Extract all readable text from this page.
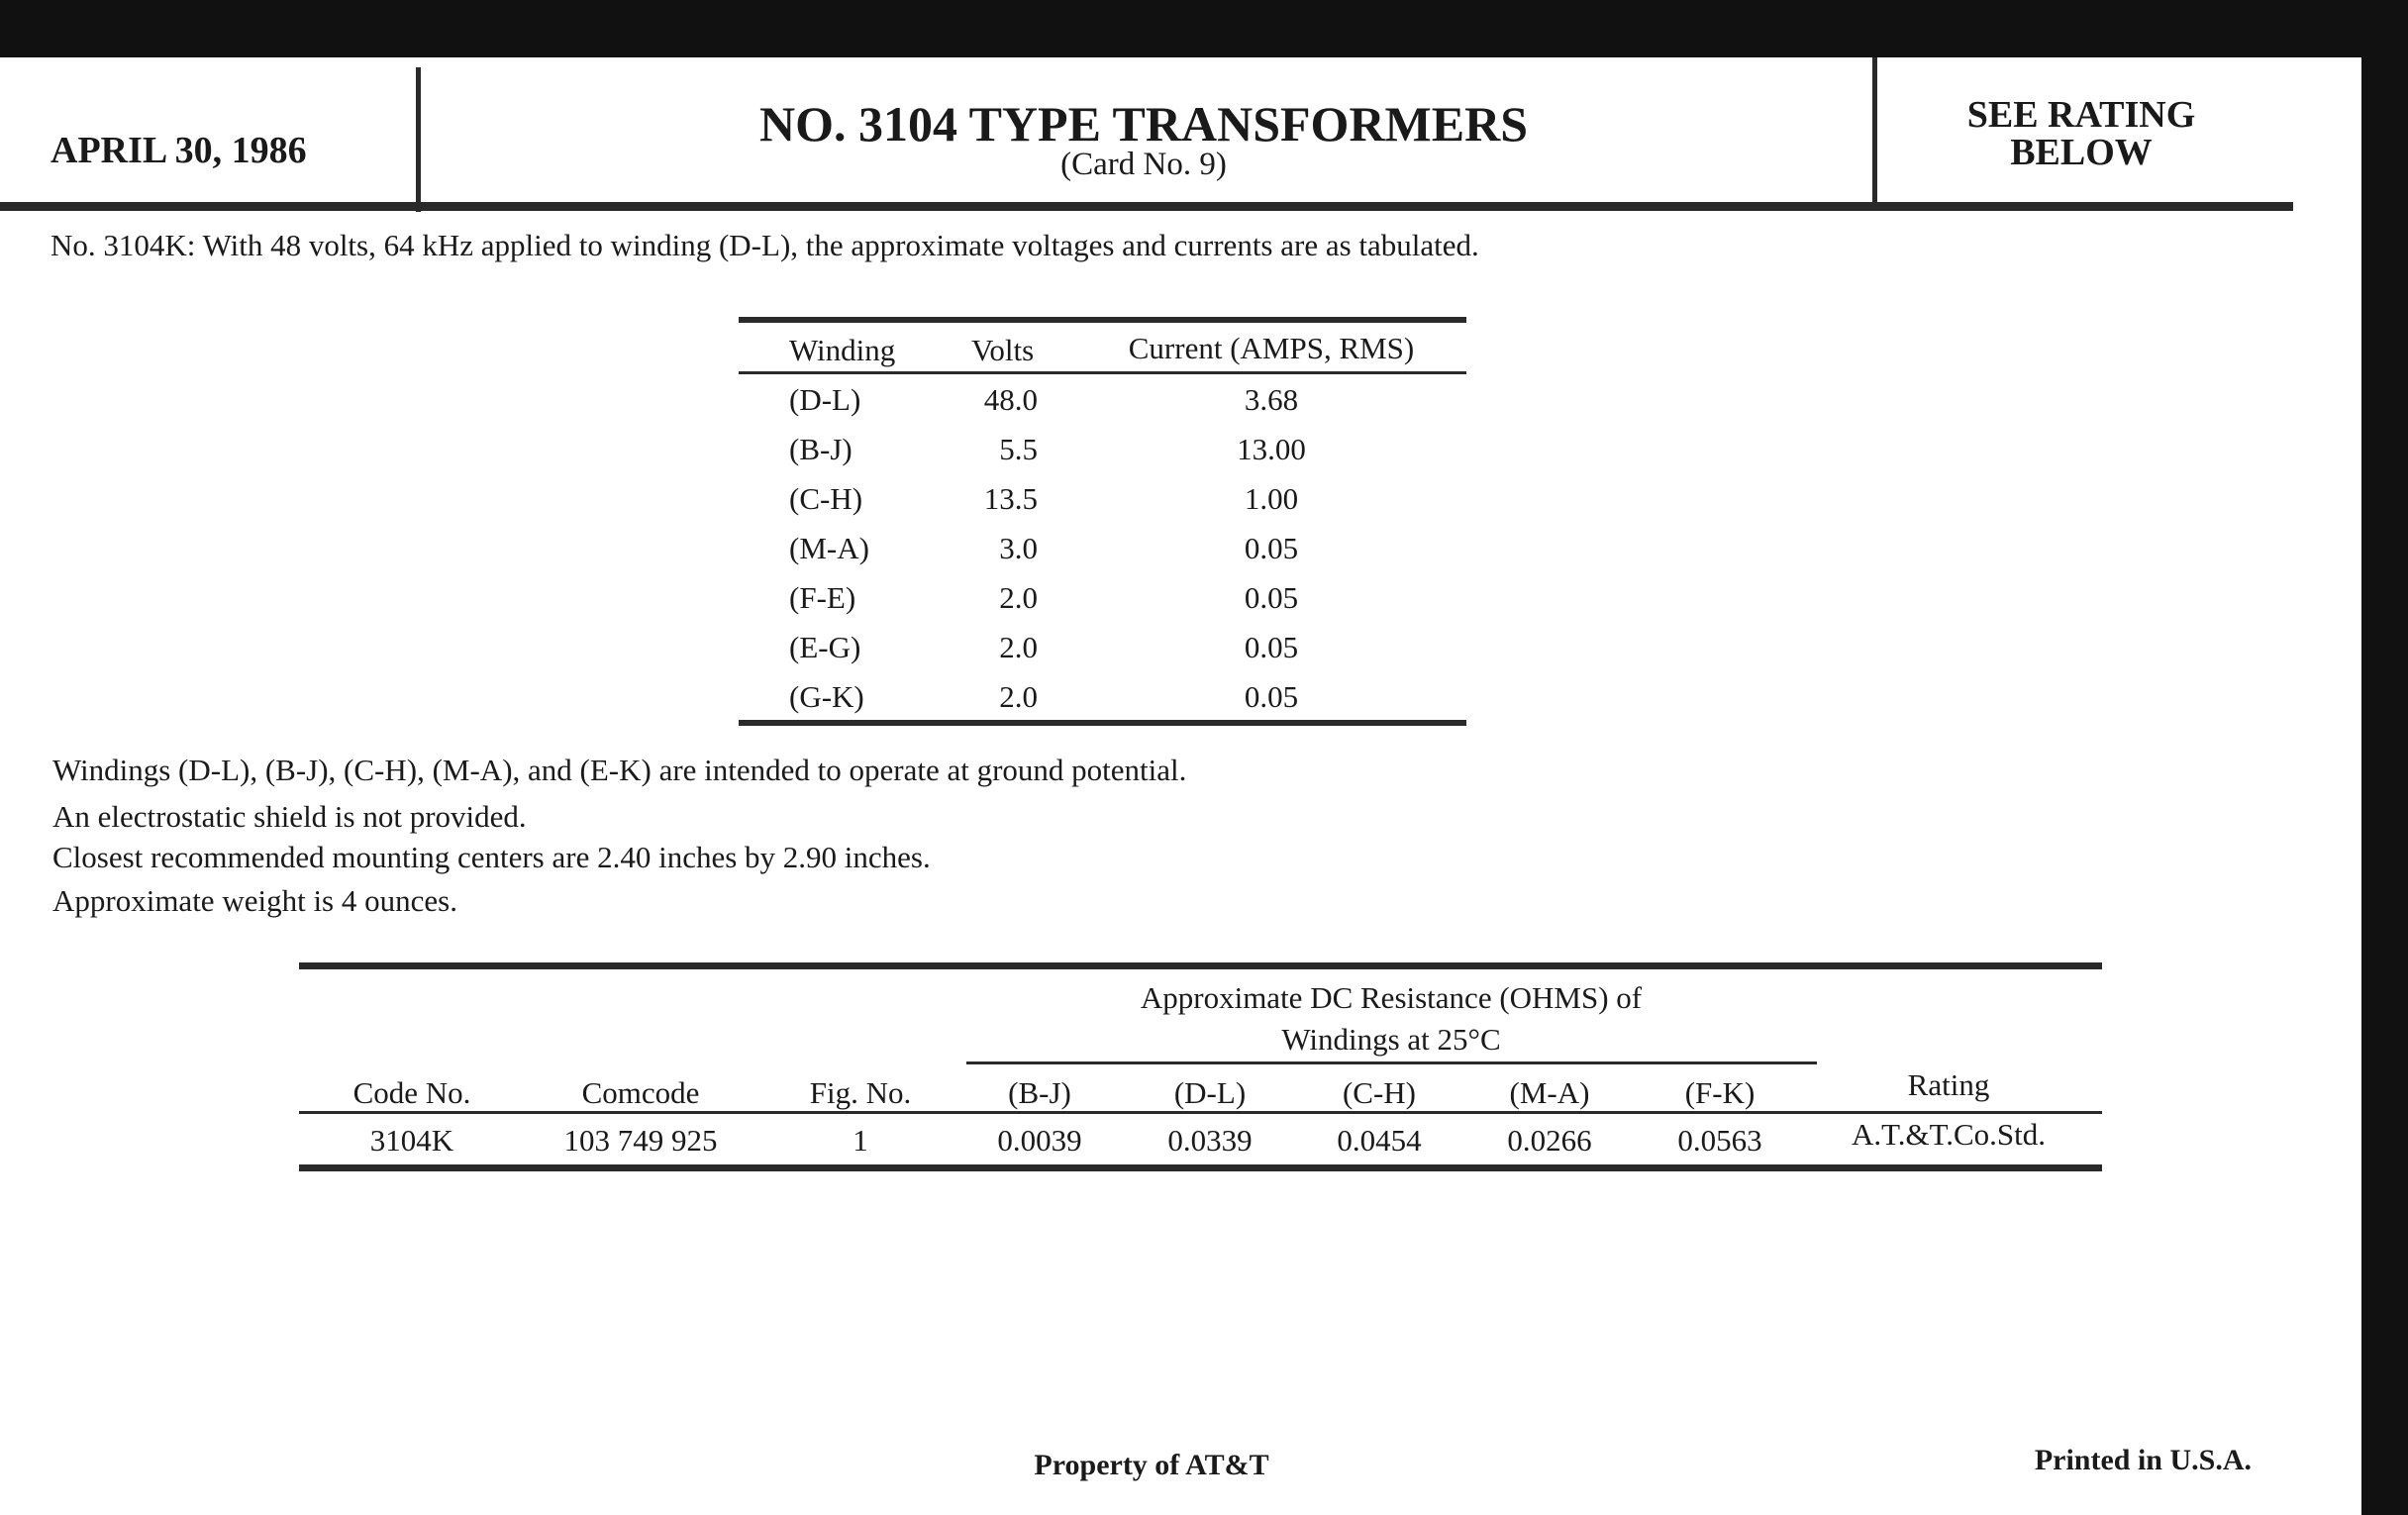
APRIL 30, 1986	NO. 3104 TYPE TRANSFORMERS
(Card No. 9)
SEE RATING
BELOW
No. 3104K: With 48 volts, 64 kHz applied to winding (D-L), the approximate voltages and currents are as tabulated.
Winding Volts	Current (AMPS, RMS)
(D-L)	48.0	3.68
(B-J)	5.5	13.00
(C-H)	13.5	1.00
(M-A)	3.0	0.05
(F-E)	2.0	0.05
(E-G)	2.0	0.05
(G-K)	2.0	0.05
Windings (D-L), (B-J), (C-H), (M-A), and (E-K) are intended to operate at ground potential.
An electrostatic shield is not provided.
Closest recommended mounting centers are 2.40 inches by 2.90 inches.
Approximate weight is 4 ounces.
Approximate DC Resistance (OHMS) of
Windings at 25°C
Code No.	Comcode	Fig. No.	(B-J)	(D-L)	(C-H)	(M-A)	(F-K)	Rating
3104K	103 749 925	1	0.0039	0.0339	0.0454	0.0266	0.0563	A.T.&T.Co.Std.
Property of AT&T	Printed in U.S.A.
